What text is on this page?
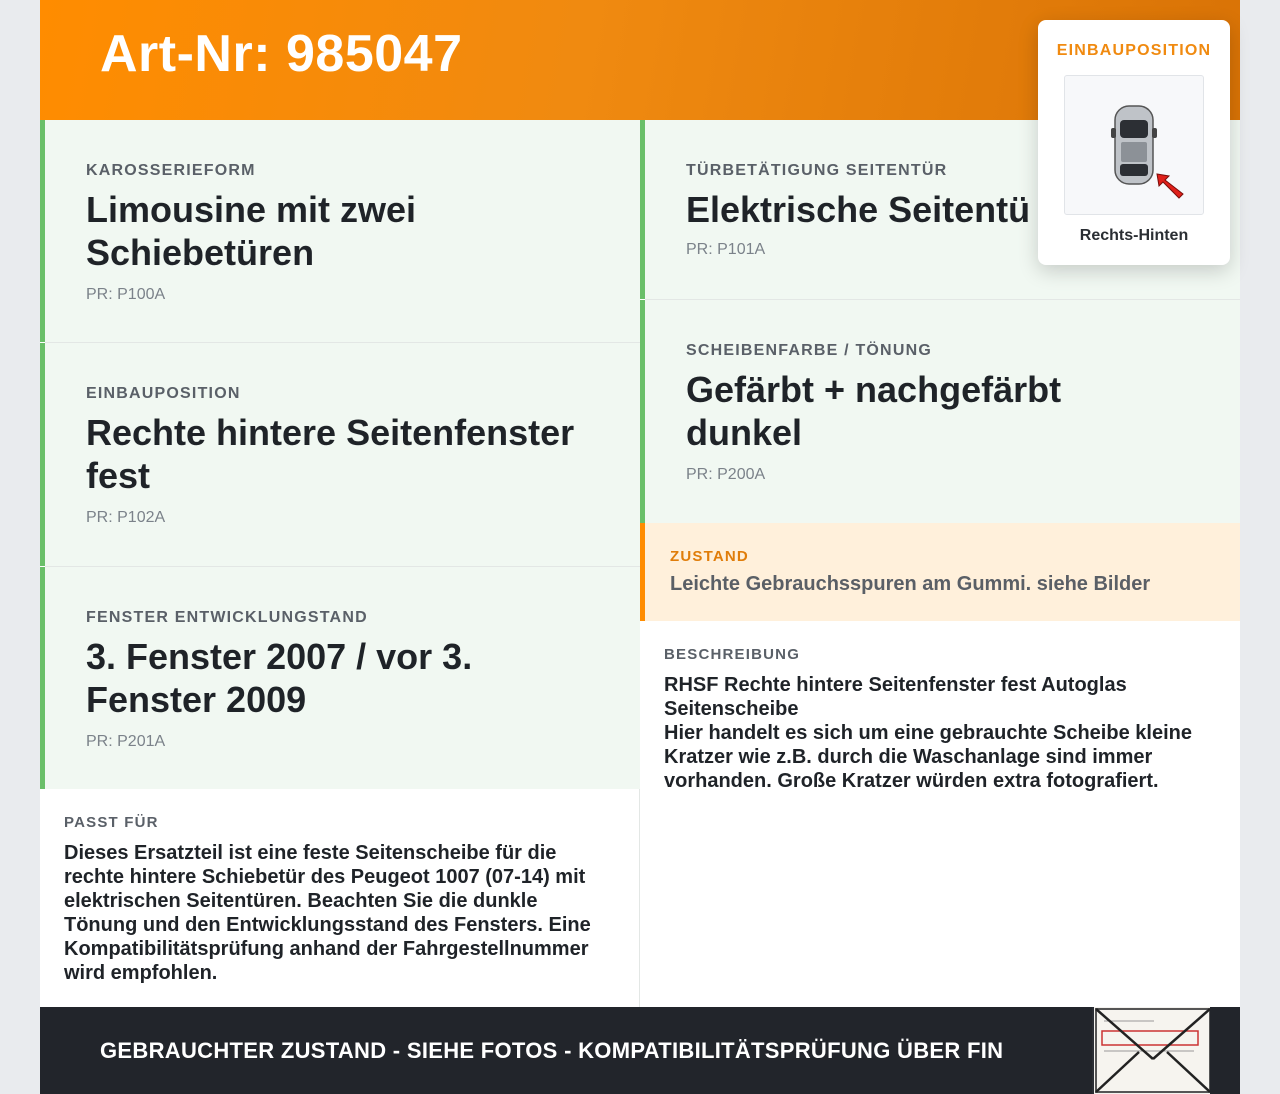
Art-Nr: 985047
KAROSSERIEFORM
Limousine mit zwei Schiebetüren
PR: P100A
EINBAUPOSITION
Rechte hintere Seitenfenster fest
PR: P102A
FENSTER ENTWICKLUNGSTAND
3. Fenster 2007 / vor 3. Fenster 2009
PR: P201A
TÜRBETÄTIGUNG SEITENTÜR
Elektrische Seitentü
PR: P101A
SCHEIBENFARBE / TÖNUNG
Gefärbt + nachgefärbt dunkel
PR: P200A
ZUSTAND
Leichte Gebrauchsspuren am Gummi. siehe Bilder
PASST FÜR
Dieses Ersatzteil ist eine feste Seitenscheibe für die rechte hintere Schiebetür des Peugeot 1007 (07-14) mit elektrischen Seitentüren. Beachten Sie die dunkle Tönung und den Entwicklungsstand des Fensters. Eine Kompatibilitätsprüfung anhand der Fahrgestellnummer wird empfohlen.
BESCHREIBUNG
RHSF Rechte hintere Seitenfenster fest Autoglas Seitenscheibe
Hier handelt es sich um eine gebrauchte Scheibe kleine Kratzer wie z.B. durch die Waschanlage sind immer vorhanden. Große Kratzer würden extra fotografiert.
GEBRAUCHTER ZUSTAND - SIEHE FOTOS - KOMPATIBILITÄTSPRÜFUNG ÜBER FIN
EINBAUPOSITION
Rechts-Hinten
